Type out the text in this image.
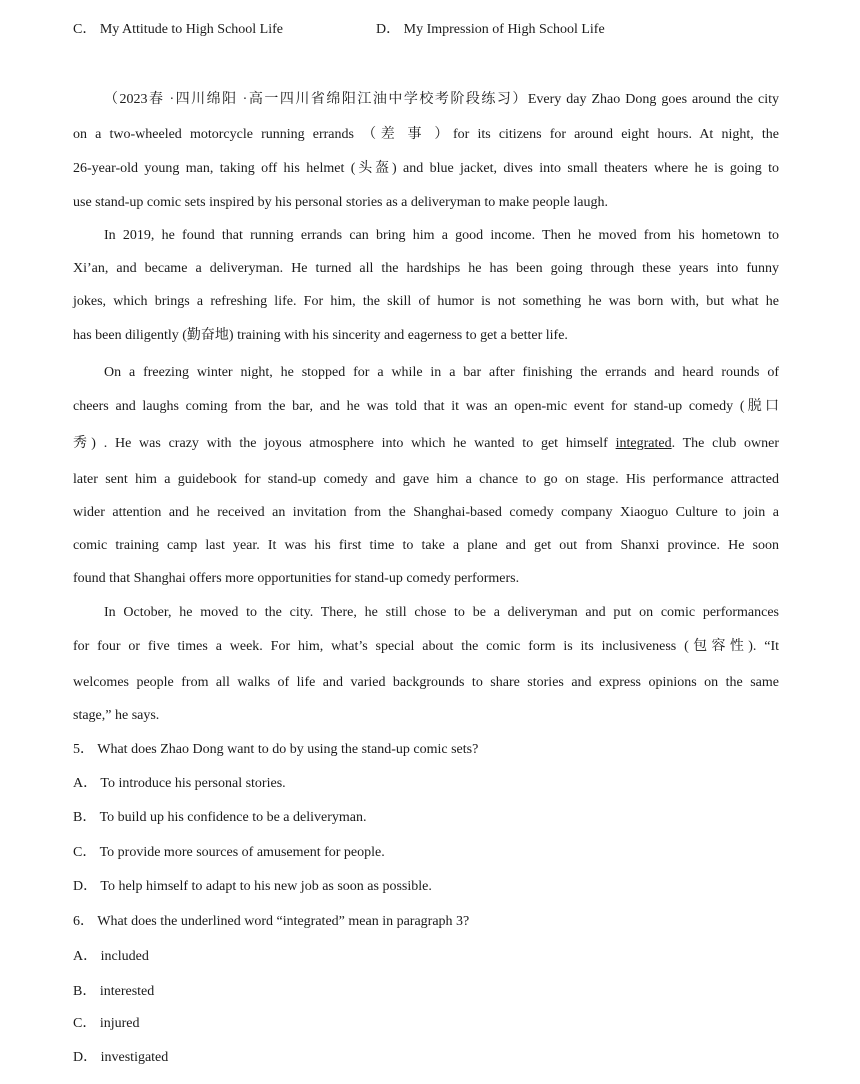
C． My Attitude to High School Life	D． My Impression of High School Life
（2023春 ·四川绵阳 ·高一四川省绵阳江油中学校考阶段练习）Every day Zhao Dong goes around the city
on a two-wheeled motorcycle running errands （差 事 ）for its citizens for around eight hours. At night, the
26-year-old young man, taking off his helmet (头盔) and blue jacket, dives into small theaters where he is going to
use stand-up comic sets inspired by his personal stories as a deliveryman to make people laugh.
In 2019, he found that running errands can bring him a good income. Then he moved from his hometown to
Xi’an, and became a deliveryman. He turned all the hardships he has been going through these years into funny
jokes, which brings a refreshing life. For him, the skill of humor is not something he was born with, but what he
has been diligently (勤奋地) training with his sincerity and eagerness to get a better life.
On a freezing winter night, he stopped for a while in a bar after finishing the errands and heard rounds of
cheers and laughs coming from the bar, and he was told that it was an open-mic event for stand-up comedy (脱口
秀) . He was crazy with the joyous atmosphere into which he wanted to get himself integrated. The club owner
later sent him a guidebook for stand-up comedy and gave him a chance to go on stage. His performance attracted
wider attention and he received an invitation from the Shanghai-based comedy company Xiaoguo Culture to join a
comic training camp last year. It was his first time to take a plane and get out from Shanxi province. He soon
found that Shanghai offers more opportunities for stand-up comedy performers.
In October, he moved to the city. There, he still chose to be a deliveryman and put on comic performances
for four or five times a week. For him, what’s special about the comic form is its inclusiveness (包容性). “It
welcomes people from all walks of life and varied backgrounds to share stories and express opinions on the same
stage,” he says.
5． What does Zhao Dong want to do by using the stand-up comic sets?
A． To introduce his personal stories.
B． To build up his confidence to be a deliveryman.
C． To provide more sources of amusement for people.
D． To help himself to adapt to his new job as soon as possible.
6． What does the underlined word “integrated” mean in paragraph 3?
A． included
B． interested
C． injured
D． investigated
